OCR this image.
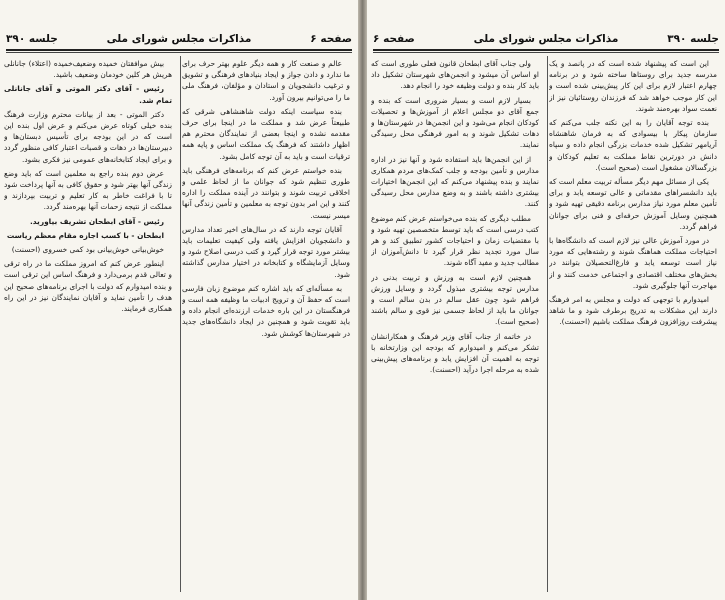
صفحه ۶
مذاکرات مجلس شورای ملی
جلسه ۳۹۰

عالم و صنعت کار و همه دیگر علوم بهتر حرف برای ما ندارد و دادن جواز و ایجاد بنیادهای فرهنگی و تشویق و ترغیب دانشجویان و استادان و مؤلفان، فرهنگ ملی ما را می‌توانیم بیرون آورد.

بنده سیاست اینکه دولت شاهنشاهی شرقی که طبیعتاً عرض شد و مملکت ما در اینجا برای حرف مقدمه نشده و اینجا بعضی از نمایندگان محترم هم اظهار داشتند که فرهنگ یک مملکت اساس و پایه همه ترقیات است و باید به آن توجه کامل بشود.

بنده خواستم عرض کنم که برنامه‌های فرهنگی باید طوری تنظیم شود که جوانان ما از لحاظ علمی و اخلاقی تربیت شوند و بتوانند در آینده مملکت را اداره کنند و این امر بدون توجه به معلمین و تأمین زندگی آنها میسر نیست.

آقایان توجه دارند که در سال‌های اخیر تعداد مدارس و دانشجویان افزایش یافته ولی کیفیت تعلیمات باید بیشتر مورد توجه قرار گیرد و کتب درسی اصلاح شود و وسایل آزمایشگاه و کتابخانه در اختیار مدارس گذاشته شود.

به مسأله‌ای که باید اشاره کنم موضوع زبان فارسی است که حفظ آن و ترویج ادبیات ما وظیفه همه است و فرهنگستان در این باره خدمات ارزنده‌ای انجام داده و باید تقویت شود و همچنین در ایجاد دانشگاه‌های جدید در شهرستان‌ها کوشش شود.

بیش موافقتان خمیده وضعیف‌خمیده (اعتلاء) جانانلی هریش هر کلین خودمان وضعیف باشید.

رئیس - آقای دکتر الموتی و آقای جانانلی تمام شد.

دکتر الموتی - بعد از بیانات محترم وزارت فرهنگ بنده خیلی کوتاه عرض می‌کنم و عرض اول بنده این است که در این بودجه برای تأسیس دبستان‌ها و دبیرستان‌ها در دهات و قصبات اعتبار کافی منظور گردد و برای ایجاد کتابخانه‌های عمومی نیز فکری بشود.

عرض دوم بنده راجع به معلمین است که باید وضع زندگی آنها بهتر شود و حقوق کافی به آنها پرداخت شود تا با فراغت خاطر به کار تعلیم و تربیت بپردازند و مملکت از نتیجه زحمات آنها بهره‌مند گردد.

رئیس - آقای ابطحان تشریف بیاورید.

ابطحان - با کسب اجازه مقام معظم ریاست

خوش‌بیانی خوش‌بیانی بود کمی خسروی (احسنت)

اینطور عرض کنم که امروز مملکت ما در راه ترقی و تعالی قدم برمی‌دارد و فرهنگ اساس این ترقی است و بنده امیدوارم که دولت با اجرای برنامه‌های صحیح این هدف را تأمین نماید و آقایان نمایندگان نیز در این راه همکاری فرمایند.

جلسه ۳۹۰
مذاکرات مجلس شورای ملی
صفحه ۶

این است که پیشنهاد شده است که در پانصد و یک مدرسه جدید برای روستاها ساخته شود و در برنامه چهارم اعتبار لازم برای این کار پیش‌بینی شده است و این کار موجب خواهد شد که فرزندان روستائیان نیز از نعمت سواد بهره‌مند شوند.

بنده توجه آقایان را به این نکته جلب می‌کنم که سازمان پیکار با بیسوادی که به فرمان شاهنشاه آریامهر تشکیل شده خدمات بزرگی انجام داده و سپاه دانش در دورترین نقاط مملکت به تعلیم کودکان و بزرگسالان مشغول است (صحیح است).

یکی از مسائل مهم دیگر مسأله تربیت معلم است که باید دانشسراهای مقدماتی و عالی توسعه یابد و برای تأمین معلم مورد نیاز مدارس برنامه دقیقی تهیه شود و همچنین وسایل آموزش حرفه‌ای و فنی برای جوانان فراهم گردد.

در مورد آموزش عالی نیز لازم است که دانشگاه‌ها با احتیاجات مملکت هماهنگ شوند و رشته‌هایی که مورد نیاز است توسعه یابد و فارغ‌التحصیلان بتوانند در بخش‌های مختلف اقتصادی و اجتماعی خدمت کنند و از مهاجرت آنها جلوگیری شود.

امیدوارم با توجهی که دولت و مجلس به امر فرهنگ دارند این مشکلات به تدریج برطرف شود و ما شاهد پیشرفت روزافزون فرهنگ مملکت باشیم (احسنت).

ولی جناب آقای ابطحان قانون فعلی طوری است که او اساس آن میشود و انجمن‌های شهرستان تشکیل داد باید کار بنده و دولت وظیفه خود را انجام دهد.

بسیار لازم است و بسیار ضروری است که بنده و جمع آقای دو مجلس اعلام از آموزش‌ها و تحصیلات کودکان انجام می‌شود و این انجمن‌ها در شهرستان‌ها و دهات تشکیل شوند و به امور فرهنگی محل رسیدگی نمایند.

از این انجمن‌ها باید استفاده شود و آنها نیز در اداره مدارس و تأمین بودجه و جلب کمک‌های مردم همکاری نمایند و بنده پیشنهاد می‌کنم که این انجمن‌ها اختیارات بیشتری داشته باشند و به وضع مدارس محل رسیدگی کنند.

مطلب دیگری که بنده می‌خواستم عرض کنم موضوع کتب درسی است که باید توسط متخصصین تهیه شود و با مقتضیات زمان و احتیاجات کشور تطبیق کند و هر سال مورد تجدید نظر قرار گیرد تا دانش‌آموزان از مطالب جدید و مفید آگاه شوند.

همچنین لازم است به ورزش و تربیت بدنی در مدارس توجه بیشتری مبذول گردد و وسایل ورزش فراهم شود چون عقل سالم در بدن سالم است و جوانان ما باید از لحاظ جسمی نیز قوی و سالم باشند (صحیح است).

در خاتمه از جناب آقای وزیر فرهنگ و همکارانشان تشکر می‌کنم و امیدوارم که بودجه این وزارتخانه با توجه به اهمیت آن افزایش یابد و برنامه‌های پیش‌بینی شده به مرحله اجرا درآید (احسنت).
